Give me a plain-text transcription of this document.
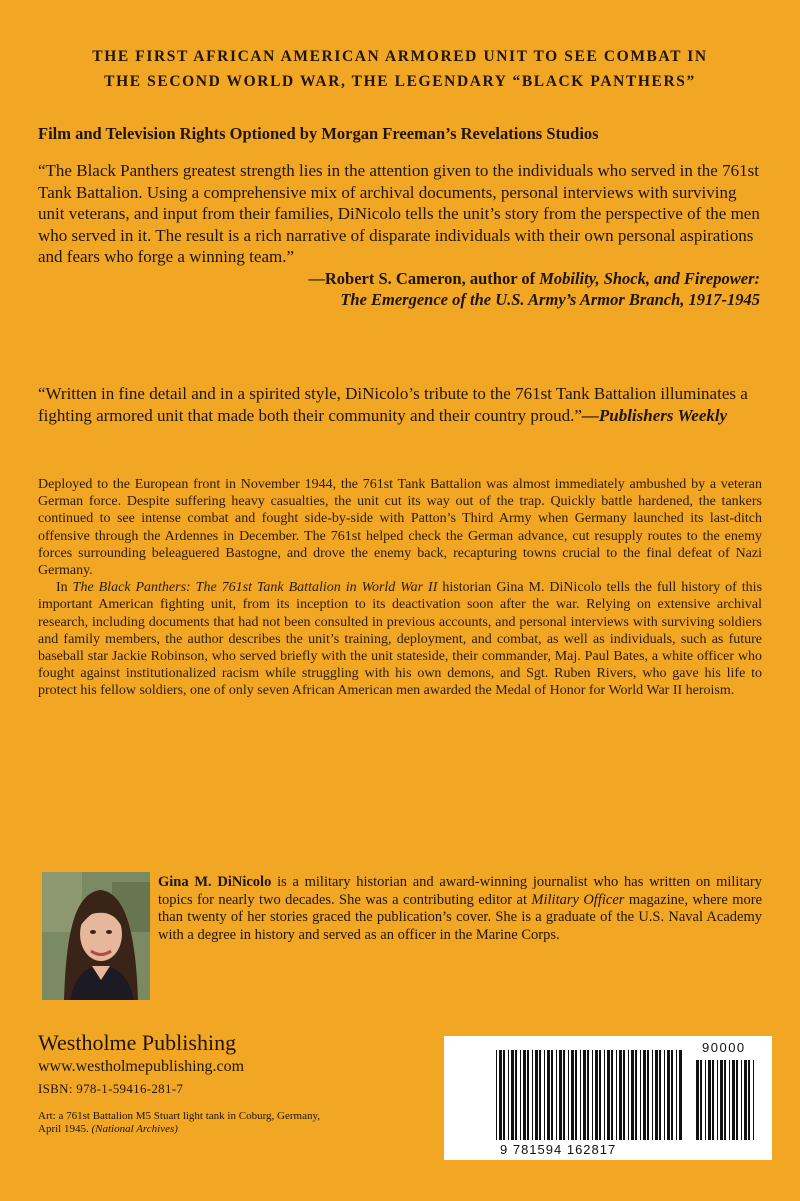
THE FIRST AFRICAN AMERICAN ARMORED UNIT TO SEE COMBAT IN
THE SECOND WORLD WAR, THE LEGENDARY “BLACK PANTHERS”
Film and Television Rights Optioned by Morgan Freeman’s Revelations Studios
“The Black Panthers greatest strength lies in the attention given to the individuals who served in the 761st Tank Battalion. Using a comprehensive mix of archival documents, personal interviews with surviving unit veterans, and input from their families, DiNicolo tells the unit’s story from the perspective of the men who served in it. The result is a rich narrative of disparate individuals with their own personal aspirations and fears who forge a winning team.”
—Robert S. Cameron, author of Mobility, Shock, and Firepower:
The Emergence of the U.S. Army’s Armor Branch, 1917-1945
“Written in fine detail and in a spirited style, DiNicolo’s tribute to the 761st Tank Battalion illuminates a fighting armored unit that made both their community and their country proud.”—Publishers Weekly

Deployed to the European front in November 1944, the 761st Tank Battalion was almost immediately ambushed by a veteran German force. Despite suffering heavy casualties, the unit cut its way out of the trap. Quickly battle hardened, the tankers continued to see intense combat and fought side-by-side with Patton’s Third Army when Germany launched its last-ditch offensive through the Ardennes in December. The 761st helped check the German advance, cut resupply routes to the enemy forces surrounding beleaguered Bastogne, and drove the enemy back, recapturing towns crucial to the final defeat of Nazi Germany.

In The Black Panthers: The 761st Tank Battalion in World War II historian Gina M. DiNicolo tells the full history of this important American fighting unit, from its inception to its deactivation soon after the war. Relying on extensive archival research, including documents that had not been consulted in previous accounts, and personal interviews with surviving soldiers and family members, the author describes the unit’s training, deployment, and combat, as well as individuals, such as future baseball star Jackie Robinson, who served briefly with the unit stateside, their commander, Maj. Paul Bates, a white officer who fought against institutionalized racism while struggling with his own demons, and Sgt. Ruben Rivers, who gave his life to protect his fellow soldiers, one of only seven African American men awarded the Medal of Honor for World War II heroism.

Gina M. DiNicolo is a military historian and award-winning journalist who has written on military topics for nearly two decades. She was a contributing editor at Military Officer magazine, where more than twenty of her stories graced the publication’s cover. She is a graduate of the U.S. Naval Academy with a degree in history and served as an officer in the Marine Corps.
Westholme Publishing
www.westholmepublishing.com
ISBN: 978-1-59416-281-7
Art: a 761st Battalion M5 Stuart light tank in Coburg, Germany, April 1945. (National Archives)
9 781594 162817
90000
